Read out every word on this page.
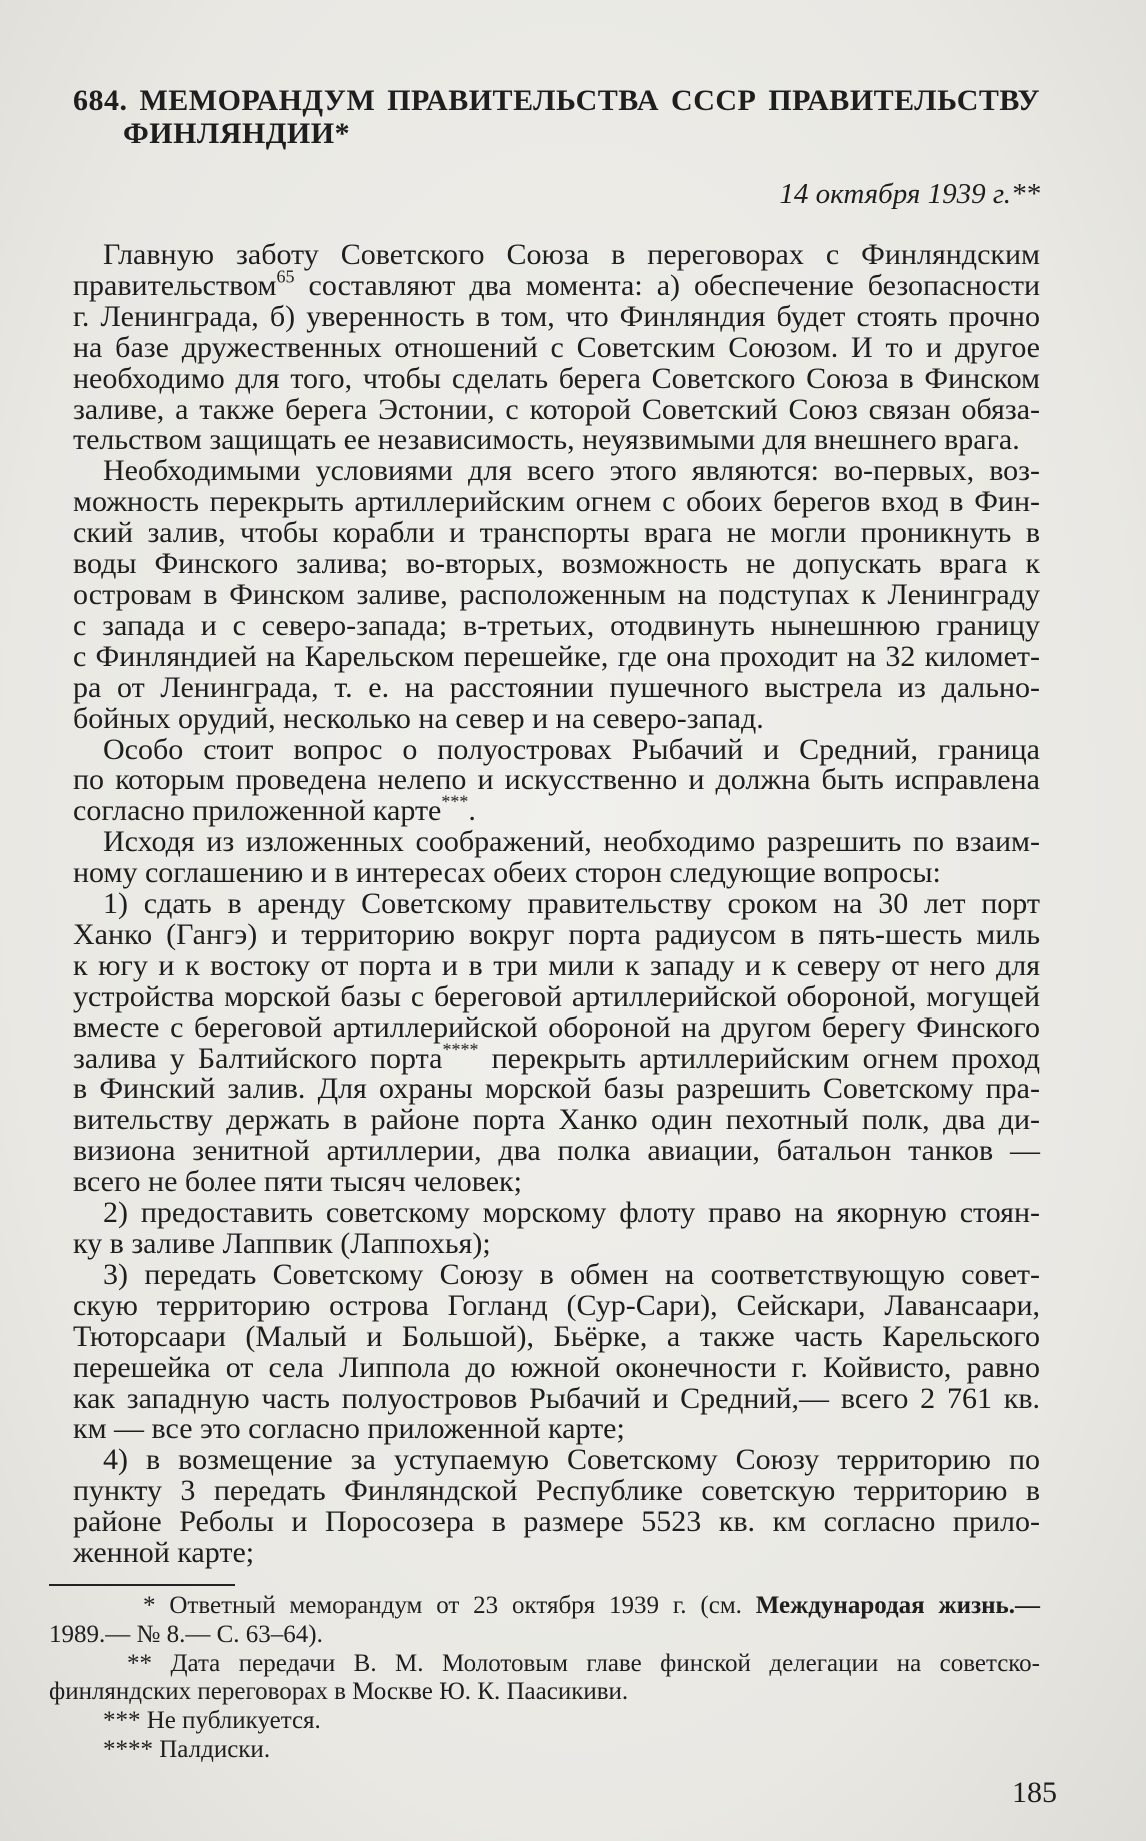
684. МЕМОРАНДУМ ПРАВИТЕЛЬСТВА СССР ПРАВИТЕЛЬСТВУ
ФИНЛЯНДИИ*
14 октября 1939 г.**
Главную заботу Советского Союза в переговорах с Финляндским
правительством$^{65}$ составляют два момента: а) обеспечение безопасности
г. Ленинграда, б) уверенность в том, что Финляндия будет стоять прочно
на базе дружественных отношений с Советским Союзом. И то и другое
необходимо для того, чтобы сделать берега Советского Союза в Финском
заливе, а также берега Эстонии, с которой Советский Союз связан обяза-
тельством защищать ее независимость, неуязвимыми для внешнего врага.
Необходимыми условиями для всего этого являются: во-первых, воз-
можность перекрыть артиллерийским огнем с обоих берегов вход в Фин-
ский залив, чтобы корабли и транспорты врага не могли проникнуть в
воды Финского залива; во-вторых, возможность не допускать врага к
островам в Финском заливе, расположенным на подступах к Ленинграду
с запада и с северо-запада; в-третьих, отодвинуть нынешнюю границу
с Финляндией на Карельском перешейке, где она проходит на 32 километ-
ра от Ленинграда, т. е. на расстоянии пушечного выстрела из дально-
бойных орудий, несколько на север и на северо-запад.
Особо стоит вопрос о полуостровах Рыбачий и Средний, граница
по которым проведена нелепо и искусственно и должна быть исправлена
согласно приложенной карте***.
Исходя из изложенных соображений, необходимо разрешить по взаим-
ному соглашению и в интересах обеих сторон следующие вопросы:
1) сдать в аренду Советскому правительству сроком на 30 лет порт
Ханко (Гангэ) и территорию вокруг порта радиусом в пять-шесть миль
к югу и к востоку от порта и в три мили к западу и к северу от него для
устройства морской базы с береговой артиллерийской обороной, могущей
вместе с береговой артиллерийской обороной на другом берегу Финского
залива у Балтийского порта**** перекрыть артиллерийским огнем проход
в Финский залив. Для охраны морской базы разрешить Советскому пра-
вительству держать в районе порта Ханко один пехотный полк, два ди-
визиона зенитной артиллерии, два полка авиации, батальон танков —
всего не более пяти тысяч человек;
2) предоставить советскому морскому флоту право на якорную стоян-
ку в заливе Лаппвик (Лаппохья);
3) передать Советскому Союзу в обмен на соответствующую совет-
скую территорию острова Гогланд (Сур-Сари), Сейскари, Лавансаари,
Тюторсаари (Малый и Большой), Бьёрке, а также часть Карельского
перешейка от села Липпола до южной оконечности г. Койвисто, равно
как западную часть полуостровов Рыбачий и Средний,— всего 2 761 кв.
км — все это согласно приложенной карте;
4) в возмещение за уступаемую Советскому Союзу территорию по
пункту 3 передать Финляндской Республике советскую территорию в
районе Реболы и Поросозера в размере 5523 кв. км согласно прило-
женной карте;
* Ответный меморандум от 23 октября 1939 г. (см. Международая жизнь.—
1989.— № 8.— С. 63–64).
** Дата передачи В. М. Молотовым главе финской делегации на советско-
финляндских переговорах в Москве Ю. К. Паасикиви.
*** Не публикуется.
**** Палдиски.
185
